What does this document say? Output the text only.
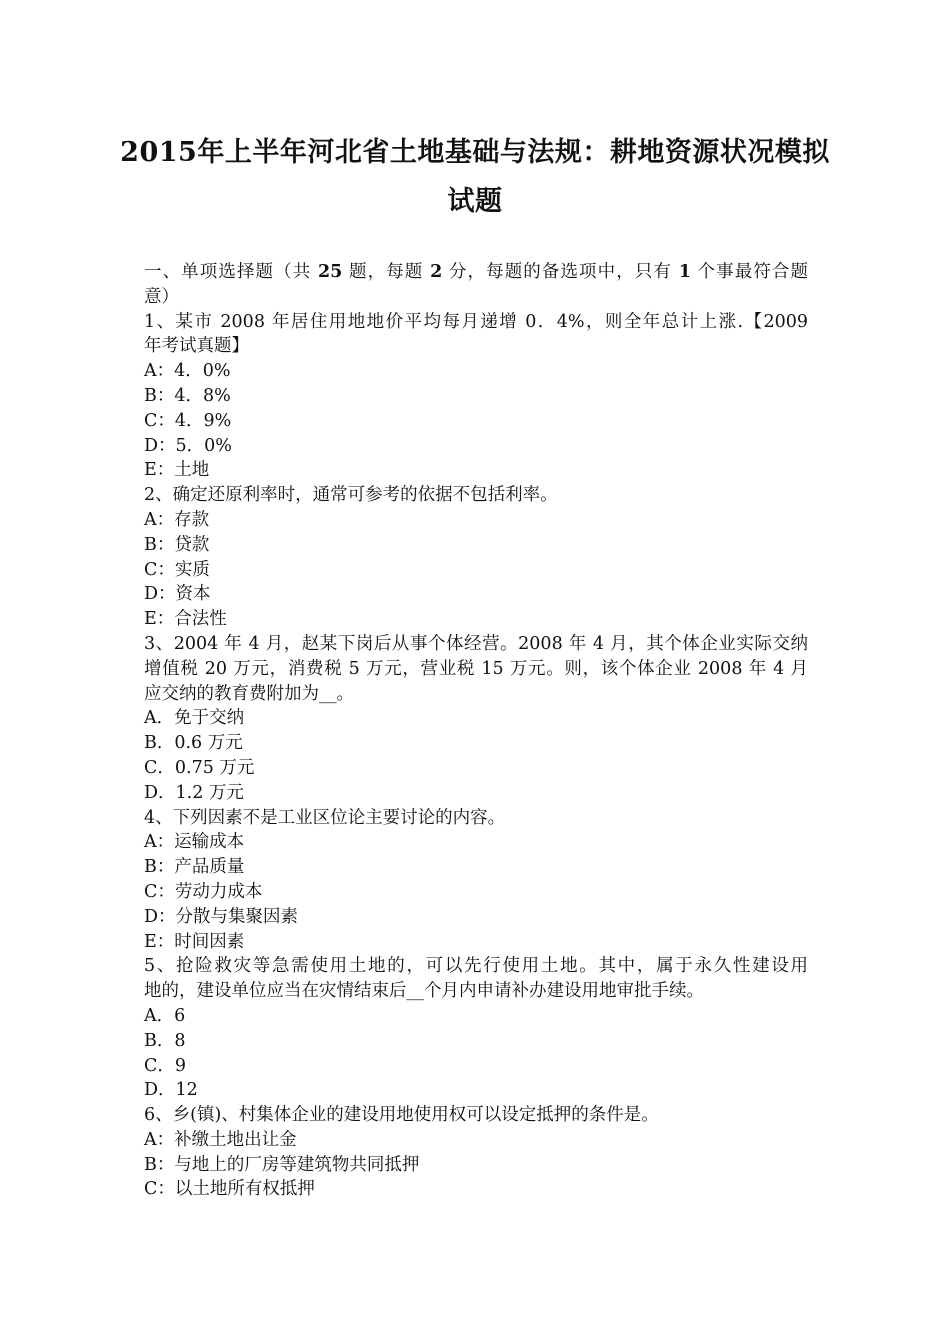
2015年上半年河北省土地基础与法规：耕地资源状况模拟
试题
一、单项选择题（共 25 题，每题 2 分，每题的备选项中，只有 1 个事最符合题
意）
1、某市 2008 年居住用地地价平均每月递增 0．4%，则全年总计上涨.【2009
年考试真题】
A：4．0%
B：4．8%
C：4．9%
D：5．0%
E：土地
2、确定还原利率时，通常可参考的依据不包括利率。
A：存款
B：贷款
C：实质
D：资本
E：合法性
3、2004 年 4 月，赵某下岗后从事个体经营。2008 年 4 月，其个体企业实际交纳
增值税 20 万元，消费税 5 万元，营业税 15 万元。则，该个体企业 2008 年 4 月
应交纳的教育费附加为__。
A．免于交纳
B．0.6 万元
C．0.75 万元
D．1.2 万元
4、下列因素不是工业区位论主要讨论的内容。
A：运输成本
B：产品质量
C：劳动力成本
D：分散与集聚因素
E：时间因素
5、抢险救灾等急需使用土地的，可以先行使用土地。其中，属于永久性建设用
地的，建设单位应当在灾情结束后__个月内申请补办建设用地审批手续。
A．6
B．8
C．9
D．12
6、乡(镇)、村集体企业的建设用地使用权可以设定抵押的条件是。
A：补缴土地出让金
B：与地上的厂房等建筑物共同抵押
C：以土地所有权抵押
